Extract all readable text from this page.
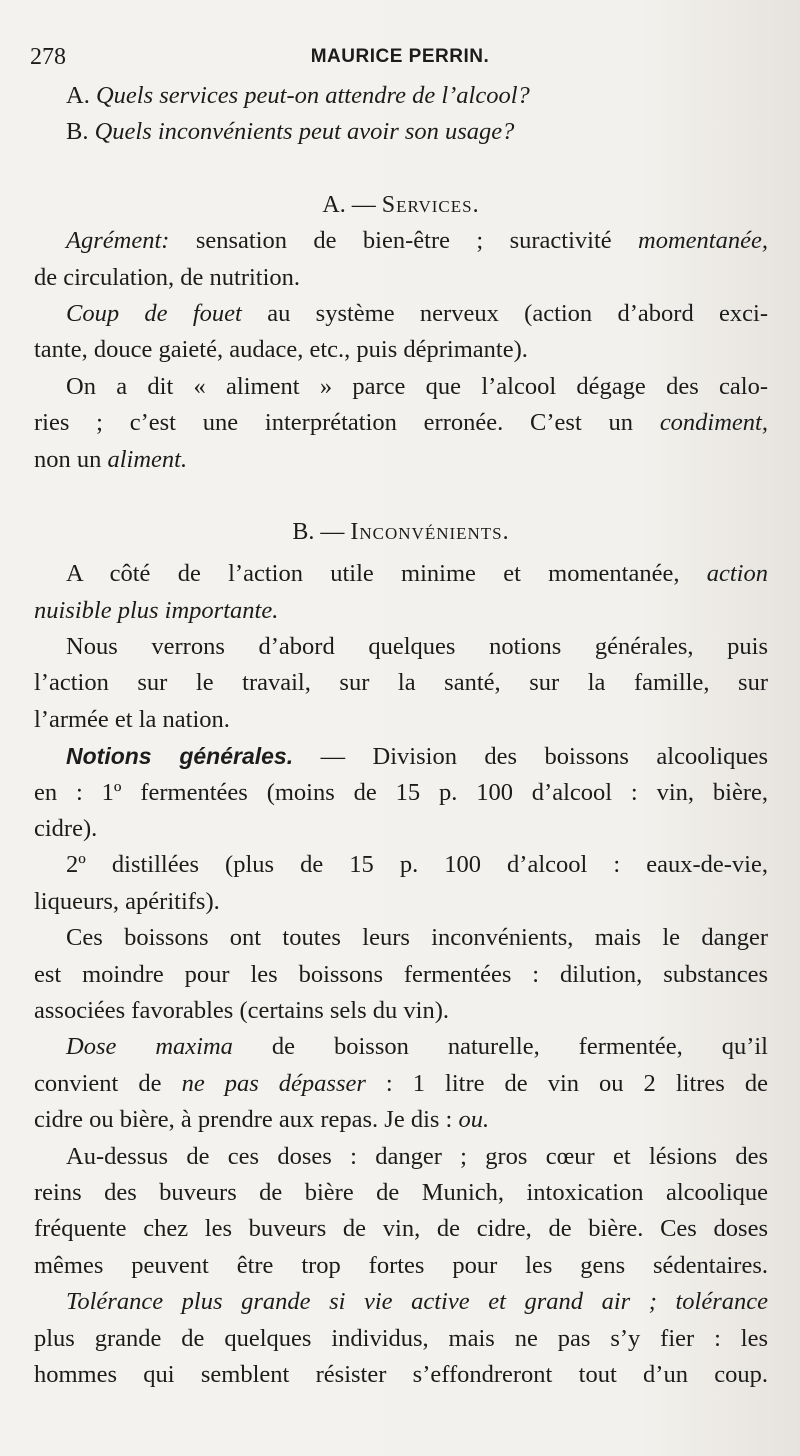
278	MAURICE PERRIN.
A. Quels services peut-on attendre de l’alcool?
B. Quels inconvénients peut avoir son usage?
A. — Services.
Agrément: sensation de bien-être ; suractivité momentanée,
de circulation, de nutrition.
Coup de fouet au système nerveux (action d’abord exci-
tante, douce gaieté, audace, etc., puis déprimante).
On a dit « aliment » parce que l’alcool dégage des calo-
ries ; c’est une interprétation erronée. C’est un condiment,
non un aliment.
B. — Inconvénients.
A côté de l’action utile minime et momentanée, action
nuisible plus importante.
Nous verrons d’abord quelques notions générales, puis
l’action sur le travail, sur la santé, sur la famille, sur
l’armée et la nation.
Notions générales. — Division des boissons alcooliques
en : 1º fermentées (moins de 15 p. 100 d’alcool : vin, bière,
cidre).
2º distillées (plus de 15 p. 100 d’alcool : eaux-de-vie,
liqueurs, apéritifs).
Ces boissons ont toutes leurs inconvénients, mais le danger
est moindre pour les boissons fermentées : dilution, substances
associées favorables (certains sels du vin).
Dose maxima de boisson naturelle, fermentée, qu’il
convient de ne pas dépasser : 1 litre de vin ou 2 litres de
cidre ou bière, à prendre aux repas. Je dis : ou.
Au-dessus de ces doses : danger ; gros cœur et lésions des
reins des buveurs de bière de Munich, intoxication alcoolique
fréquente chez les buveurs de vin, de cidre, de bière. Ces doses
mêmes peuvent être trop fortes pour les gens sédentaires.
Tolérance plus grande si vie active et grand air ; tolérance
plus grande de quelques individus, mais ne pas s’y fier : les
hommes qui semblent résister s’effondreront tout d’un coup.
